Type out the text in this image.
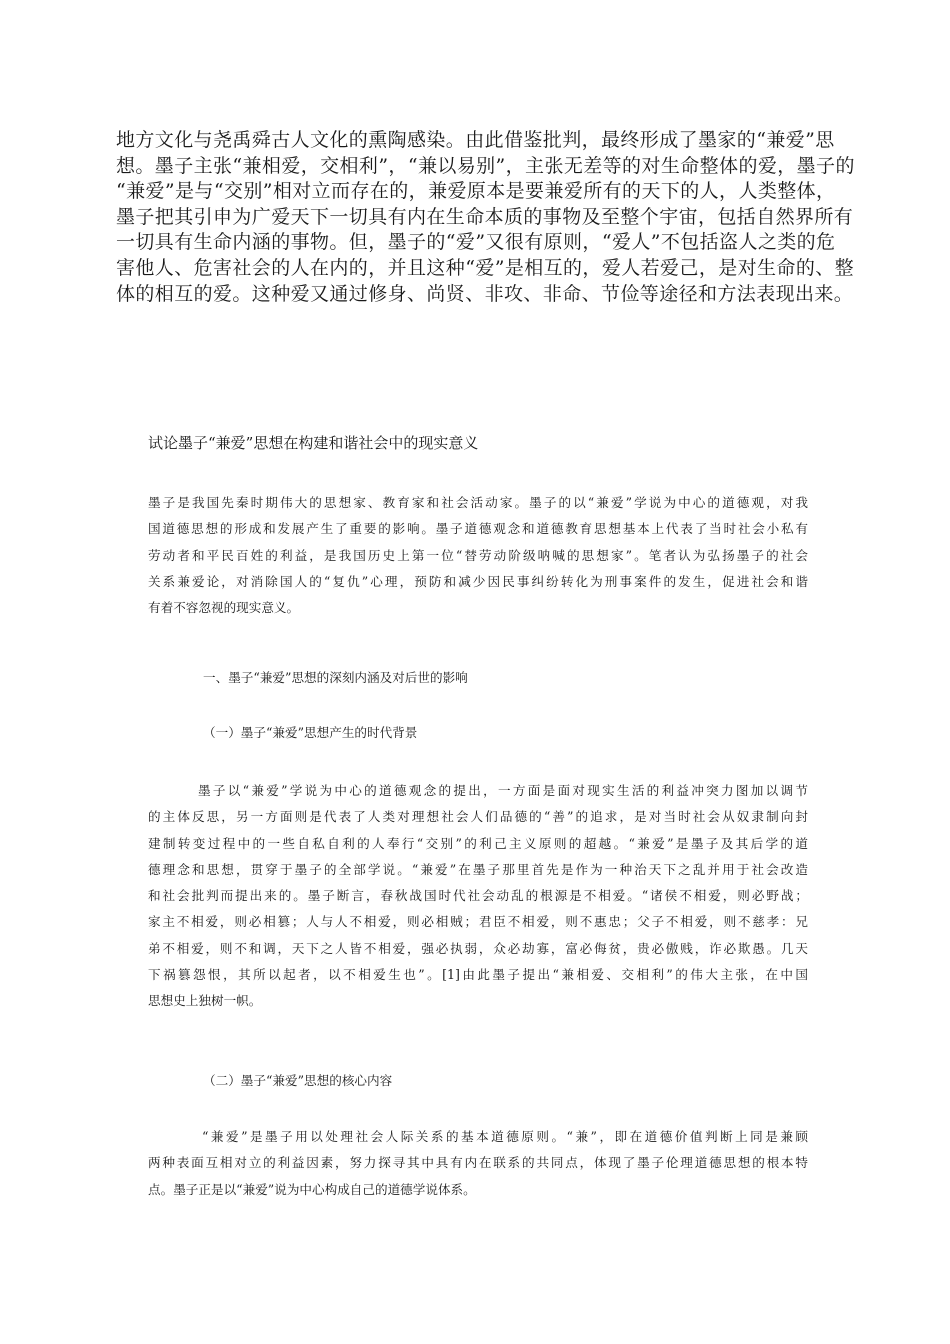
地方文化与尧禹舜古人文化的熏陶感染。由此借鉴批判，最终形成了墨家的“兼爱”思
想。墨子主张“兼相爱，交相利”，“兼以易别”，主张无差等的对生命整体的爱，墨子的
“兼爱”是与“交别”相对立而存在的，兼爱原本是要兼爱所有的天下的人，人类整体，
墨子把其引申为广爱天下一切具有内在生命本质的事物及至整个宇宙，包括自然界所有
一切具有生命内涵的事物。但，墨子的“爱”又很有原则，“爱人”不包括盗人之类的危
害他人、危害社会的人在内的，并且这种“爱”是相互的，爱人若爱己，是对生命的、整
体的相互的爱。这种爱又通过修身、尚贤、非攻、非命、节俭等途径和方法表现出来。
试论墨子“兼爱”思想在构建和谐社会中的现实意义
墨子是我国先秦时期伟大的思想家、教育家和社会活动家。墨子的以“兼爱”学说为中心的道德观，对我
国道德思想的形成和发展产生了重要的影响。墨子道德观念和道德教育思想基本上代表了当时社会小私有
劳动者和平民百姓的利益，是我国历史上第一位“替劳动阶级呐喊的思想家”。笔者认为弘扬墨子的社会
关系兼爱论，对消除国人的“复仇”心理，预防和减少因民事纠纷转化为刑事案件的发生，促进社会和谐
有着不容忽视的现实意义。
一、墨子“兼爱”思想的深刻内涵及对后世的影响
（一）墨子“兼爱”思想产生的时代背景
墨子以“兼爱”学说为中心的道德观念的提出，一方面是面对现实生活的利益冲突力图加以调节
的主体反思，另一方面则是代表了人类对理想社会人们品德的“善”的追求，是对当时社会从奴隶制向封
建制转变过程中的一些自私自利的人奉行“交别”的利己主义原则的超越。“兼爱”是墨子及其后学的道
德理念和思想，贯穿于墨子的全部学说。“兼爱”在墨子那里首先是作为一种治天下之乱并用于社会改造
和社会批判而提出来的。墨子断言，春秋战国时代社会动乱的根源是不相爱。“诸侯不相爱，则必野战；
家主不相爱，则必相篡；人与人不相爱，则必相贼；君臣不相爱，则不惠忠；父子不相爱，则不慈孝：兄
弟不相爱，则不和调，天下之人皆不相爱，强必执弱，众必劫寡，富必侮贫，贵必傲贱，诈必欺愚。几天
下祸篡怨恨，其所以起者，以不相爱生也”。[1]由此墨子提出“兼相爱、交相利”的伟大主张，在中国
思想史上独树一帜。
（二）墨子“兼爱”思想的核心内容
“兼爱”是墨子用以处理社会人际关系的基本道德原则。“兼”，即在道德价值判断上同是兼顾
两种表面互相对立的利益因素，努力探寻其中具有内在联系的共同点，体现了墨子伦理道德思想的根本特
点。墨子正是以“兼爱”说为中心构成自己的道德学说体系。
